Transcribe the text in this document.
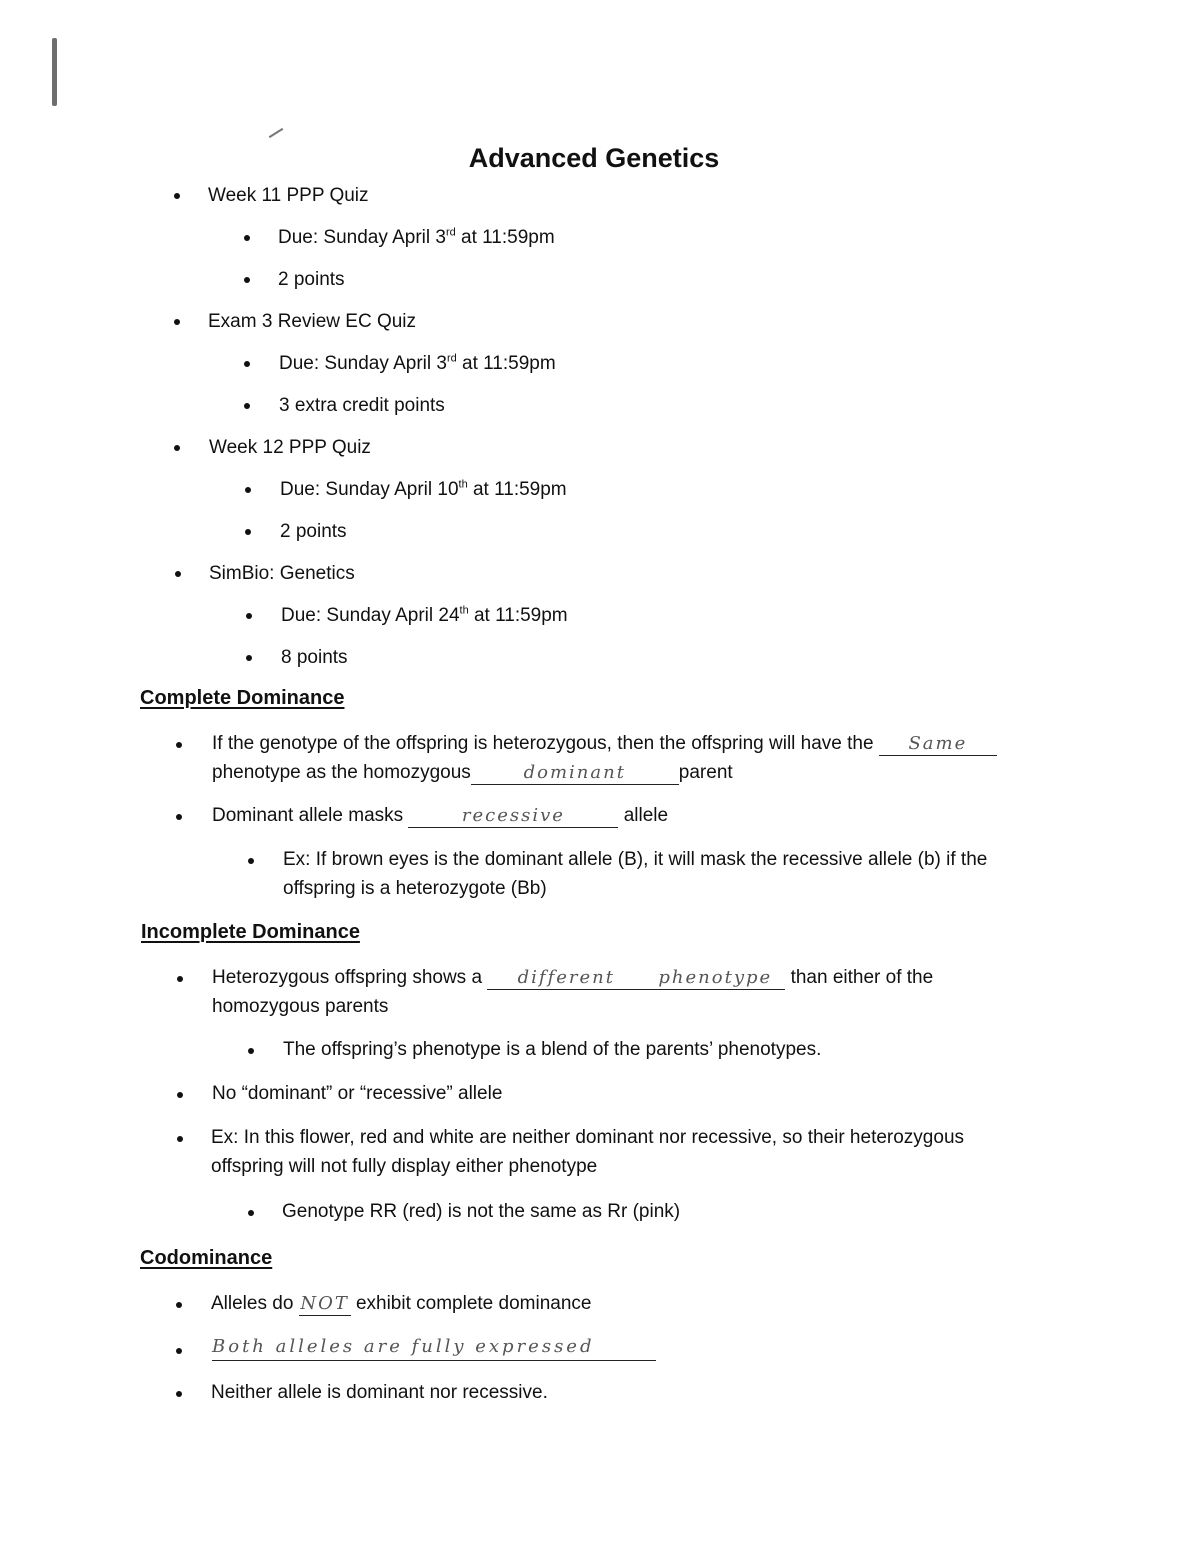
Advanced Genetics
Week 11 PPP Quiz
Due: Sunday April 3rd at 11:59pm
2 points
Exam 3 Review EC Quiz
Due: Sunday April 3rd at 11:59pm
3 extra credit points
Week 12 PPP Quiz
Due: Sunday April 10th at 11:59pm
2 points
SimBio: Genetics
Due: Sunday April 24th at 11:59pm
8 points
Complete Dominance
If the genotype of the offspring is heterozygous, then the offspring will have the Same
phenotype as the homozygous	dominant	parent
Dominant allele masks	recessive	allele
Ex: If brown eyes is the dominant allele (B), it will mask the recessive allele (b) if the
offspring is a heterozygote (Bb)
Incomplete Dominance
Heterozygous offspring shows a different phenotype than either of the
homozygous parents
The offspring’s phenotype is a blend of the parents’ phenotypes.
No “dominant” or “recessive” allele
Ex: In this flower, red and white are neither dominant nor recessive, so their heterozygous
offspring will not fully display either phenotype
Genotype RR (red) is not the same as Rr (pink)
Codominance
Alleles do NOT exhibit complete dominance
Both alleles are fully expressed
Neither allele is dominant nor recessive.
